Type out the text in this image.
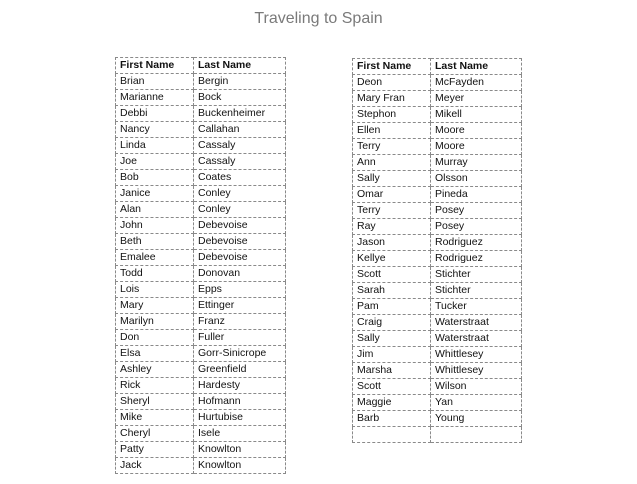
Traveling to Spain
First Name	Last Name
Brian	Bergin
Marianne	Bock
Debbi	Buckenheimer
Nancy	Callahan
Linda	Cassaly
Joe	Cassaly
Bob	Coates
Janice	Conley
Alan	Conley
John	Debevoise
Beth	Debevoise
Emalee	Debevoise
Todd	Donovan
Lois	Epps
Mary	Ettinger
Marilyn	Franz
Don	Fuller
Elsa	Gorr-Sinicrope
Ashley	Greenfield
Rick	Hardesty
Sheryl	Hofmann
Mike	Hurtubise
Cheryl	Isele
Patty	Knowlton
Jack	Knowlton
First Name	Last Name
Deon	McFayden
Mary Fran	Meyer
Stephon	Mikell
Ellen	Moore
Terry	Moore
Ann	Murray
Sally	Olsson
Omar	Pineda
Terry	Posey
Ray	Posey
Jason	Rodriguez
Kellye	Rodriguez
Scott	Stichter
Sarah	Stichter
Pam	Tucker
Craig	Waterstraat
Sally	Waterstraat
Jim	Whittlesey
Marsha	Whittlesey
Scott	Wilson
Maggie	Yan
Barb	Young
